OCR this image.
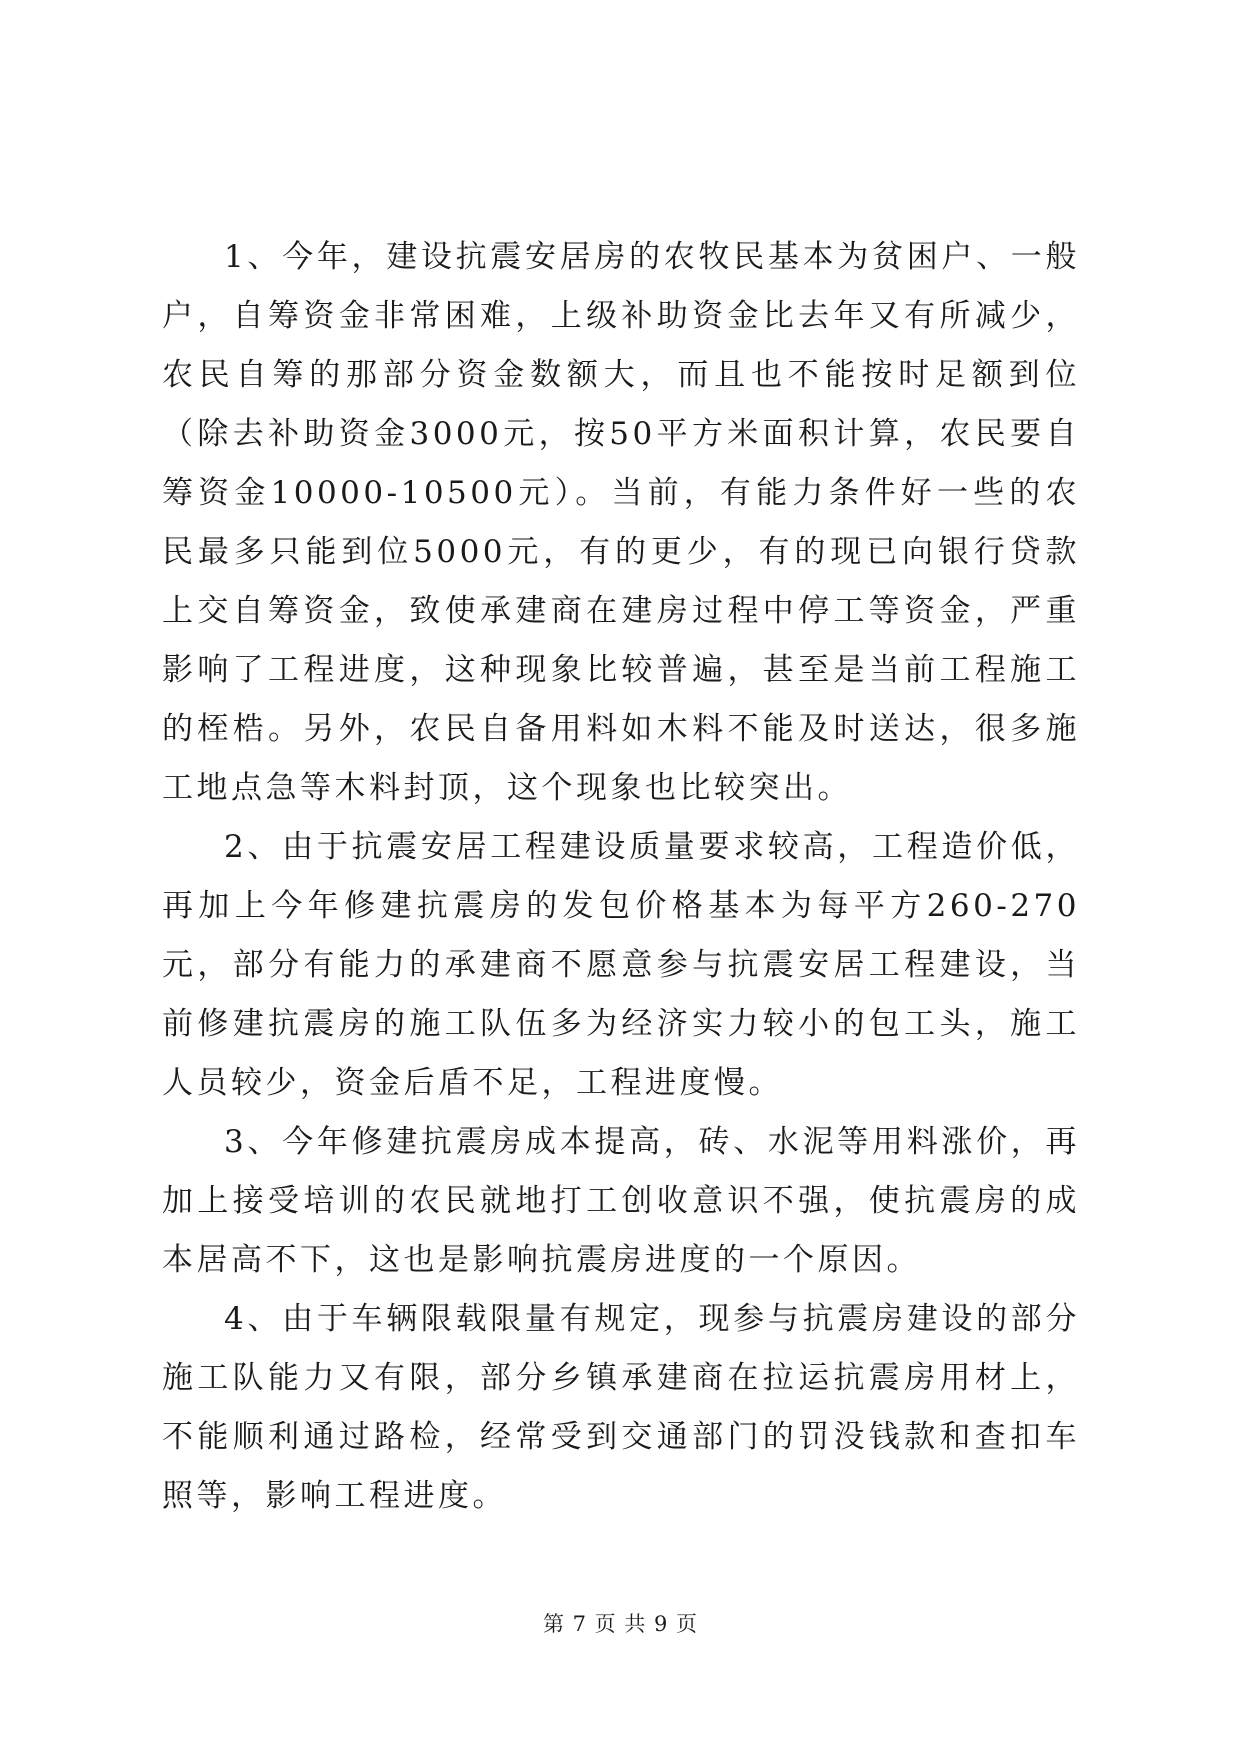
1、今年，建设抗震安居房的农牧民基本为贫困户、一般户，自筹资金非常困难，上级补助资金比去年又有所减少，农民自筹的那部分资金数额大，而且也不能按时足额到位（除去补助资金3000元，按50平方米面积计算，农民要自筹资金10000-10500元）。当前，有能力条件好一些的农民最多只能到位5000元，有的更少，有的现已向银行贷款上交自筹资金，致使承建商在建房过程中停工等资金，严重影响了工程进度，这种现象比较普遍，甚至是当前工程施工的桎梏。另外，农民自备用料如木料不能及时送达，很多施工地点急等木料封顶，这个现象也比较突出。

2、由于抗震安居工程建设质量要求较高，工程造价低，再加上今年修建抗震房的发包价格基本为每平方260-270元，部分有能力的承建商不愿意参与抗震安居工程建设，当前修建抗震房的施工队伍多为经济实力较小的包工头，施工人员较少，资金后盾不足，工程进度慢。

3、今年修建抗震房成本提高，砖、水泥等用料涨价，再加上接受培训的农民就地打工创收意识不强，使抗震房的成本居高不下，这也是影响抗震房进度的一个原因。

4、由于车辆限载限量有规定，现参与抗震房建设的部分施工队能力又有限，部分乡镇承建商在拉运抗震房用材上，不能顺利通过路检，经常受到交通部门的罚没钱款和查扣车照等，影响工程进度。

第 7 页 共 9 页
